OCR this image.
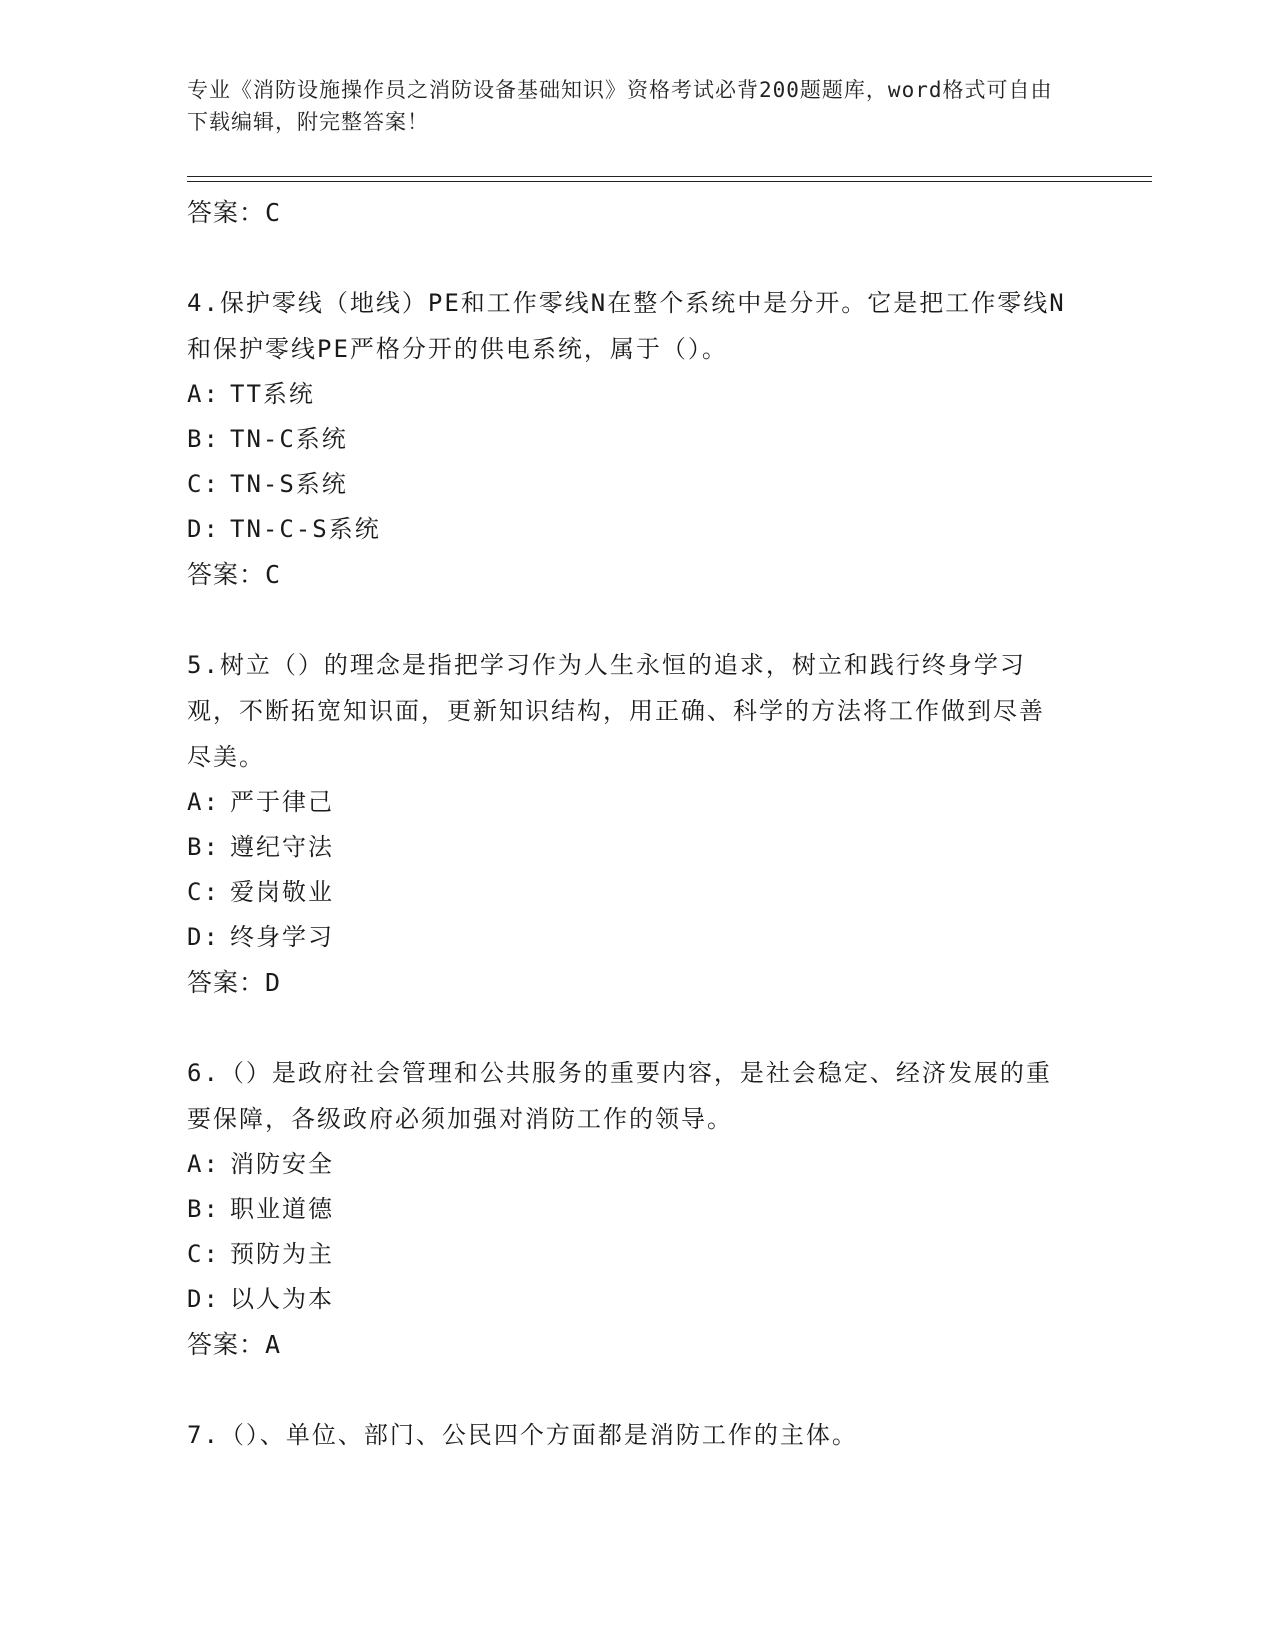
专业《消防设施操作员之消防设备基础知识》资格考试必背200题题库，word格式可自由下载编辑，附完整答案！
答案：C
4.保护零线（地线）PE和工作零线N在整个系统中是分开。它是把工作零线N和保护零线PE严格分开的供电系统，属于（）。
A: TT系统
B: TN-C系统
C: TN-S系统
D: TN-C-S系统
答案：C
5.树立（）的理念是指把学习作为人生永恒的追求，树立和践行终身学习观，不断拓宽知识面，更新知识结构，用正确、科学的方法将工作做到尽善尽美。
A: 严于律己
B: 遵纪守法
C: 爱岗敬业
D: 终身学习
答案：D
6.（）是政府社会管理和公共服务的重要内容，是社会稳定、经济发展的重要保障，各级政府必须加强对消防工作的领导。
A: 消防安全
B: 职业道德
C: 预防为主
D: 以人为本
答案：A
7.（）、单位、部门、公民四个方面都是消防工作的主体。
